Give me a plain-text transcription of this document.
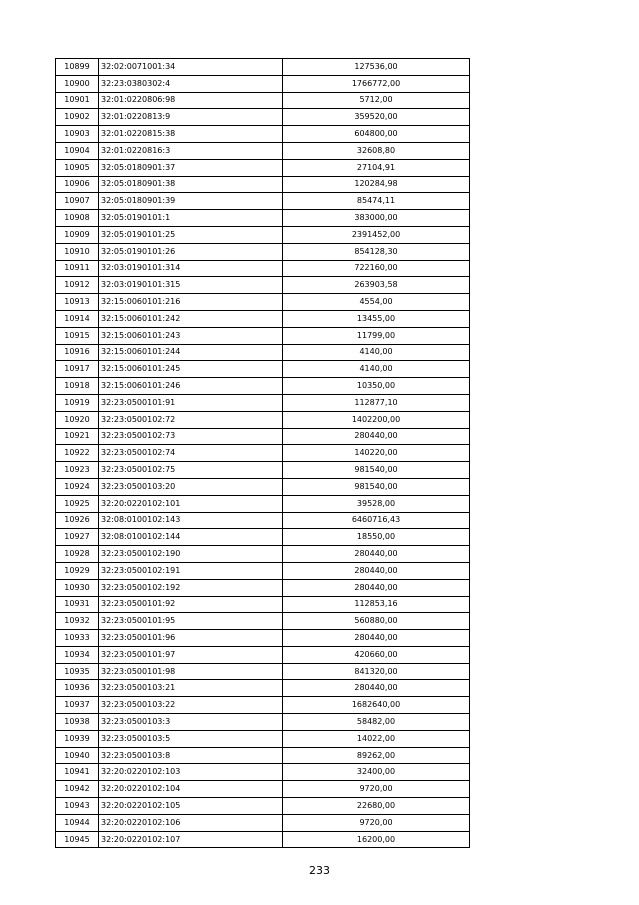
10899	32:02:0071001:34	127536,00
10900	32:23:0380302:4	1766772,00
10901	32:01:0220806:98	5712,00
10902	32:01:0220813:9	359520,00
10903	32:01:0220815:38	604800,00
10904	32:01:0220816:3	32608,80
10905	32:05:0180901:37	27104,91
10906	32:05:0180901:38	120284,98
10907	32:05:0180901:39	85474,11
10908	32:05:0190101:1	383000,00
10909	32:05:0190101:25	2391452,00
10910	32:05:0190101:26	854128,30
10911	32:03:0190101:314	722160,00
10912	32:03:0190101:315	263903,58
10913	32:15:0060101:216	4554,00
10914	32:15:0060101:242	13455,00
10915	32:15:0060101:243	11799,00
10916	32:15:0060101:244	4140,00
10917	32:15:0060101:245	4140,00
10918	32:15:0060101:246	10350,00
10919	32:23:0500101:91	112877,10
10920	32:23:0500102:72	1402200,00
10921	32:23:0500102:73	280440,00
10922	32:23:0500102:74	140220,00
10923	32:23:0500102:75	981540,00
10924	32:23:0500103:20	981540,00
10925	32:20:0220102:101	39528,00
10926	32:08:0100102:143	6460716,43
10927	32:08:0100102:144	18550,00
10928	32:23:0500102:190	280440,00
10929	32:23:0500102:191	280440,00
10930	32:23:0500102:192	280440,00
10931	32:23:0500101:92	112853,16
10932	32:23:0500101:95	560880,00
10933	32:23:0500101:96	280440,00
10934	32:23:0500101:97	420660,00
10935	32:23:0500101:98	841320,00
10936	32:23:0500103:21	280440,00
10937	32:23:0500103:22	1682640,00
10938	32:23:0500103:3	58482,00
10939	32:23:0500103:5	14022,00
10940	32:23:0500103:8	89262,00
10941	32:20:0220102:103	32400,00
10942	32:20:0220102:104	9720,00
10943	32:20:0220102:105	22680,00
10944	32:20:0220102:106	9720,00
10945	32:20:0220102:107	16200,00
233
